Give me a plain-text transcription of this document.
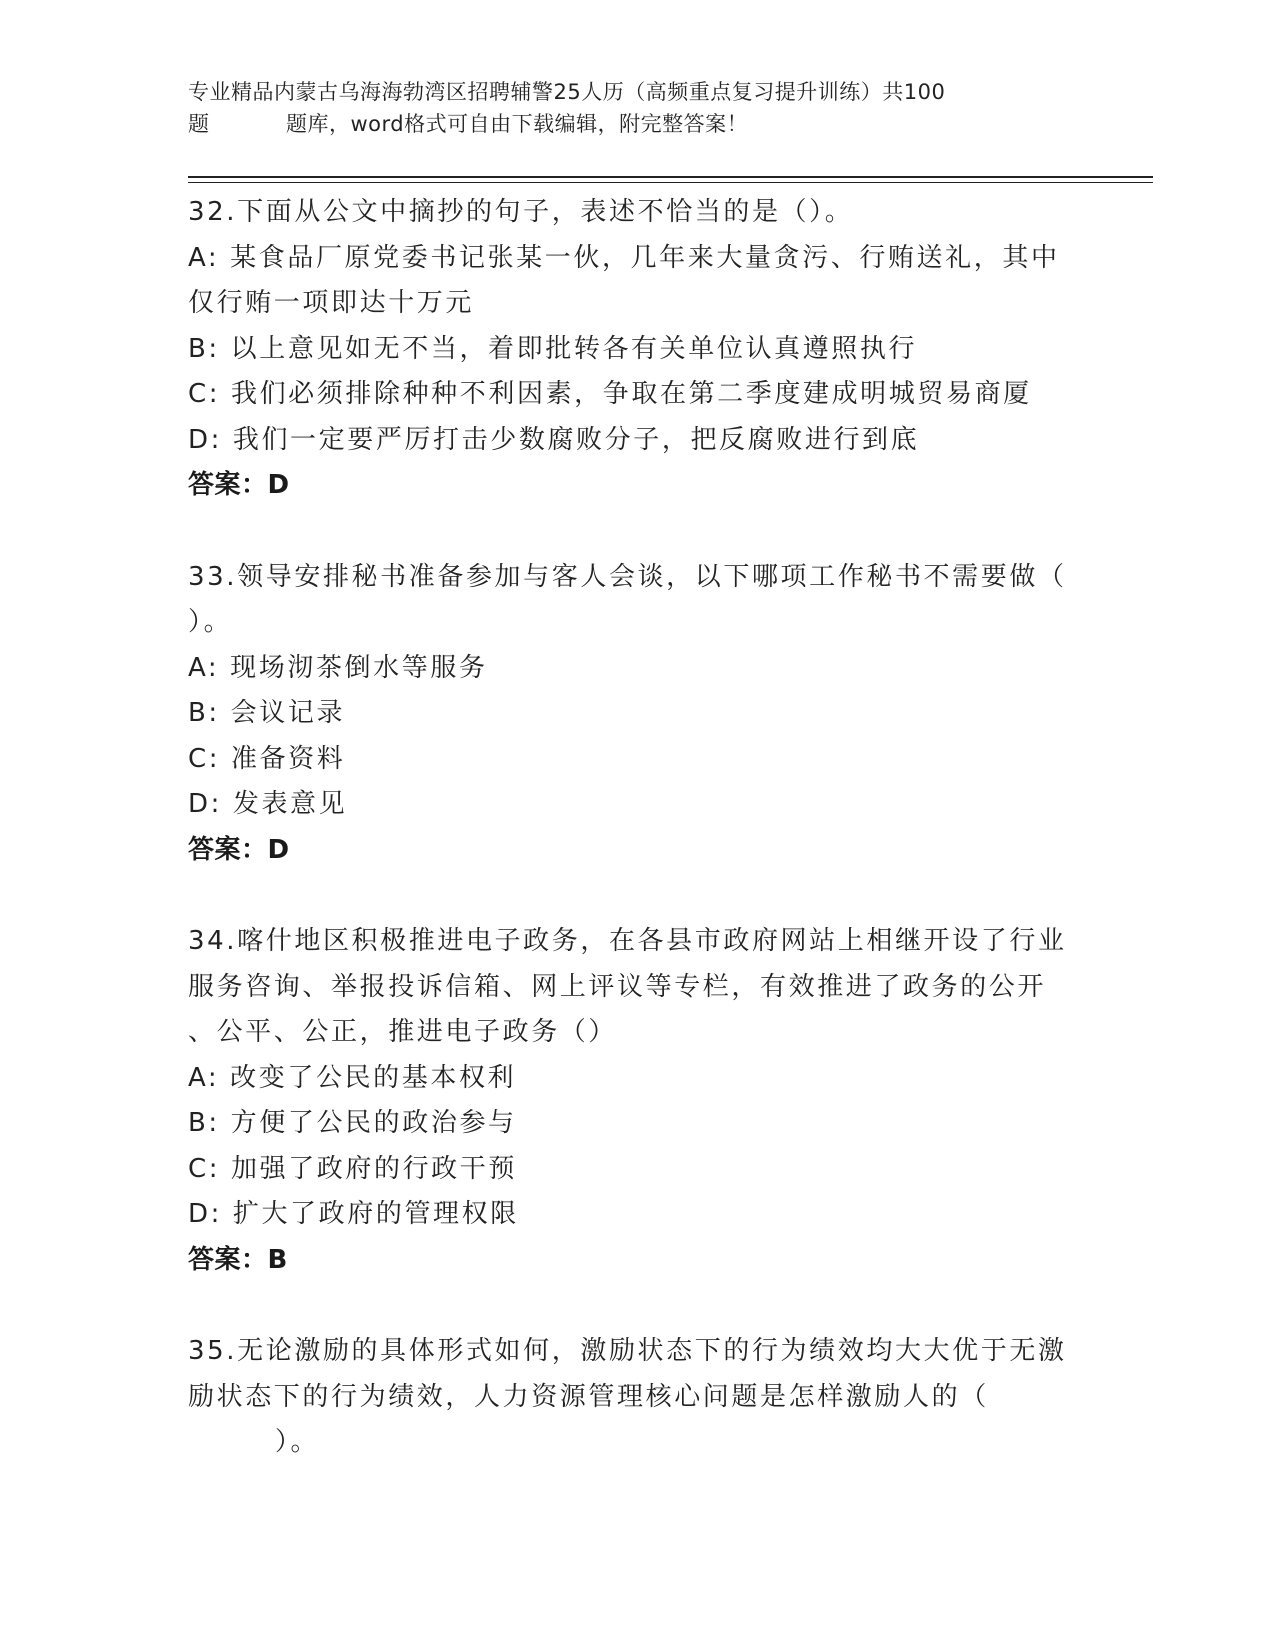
专业精品内蒙古乌海海勃湾区招聘辅警25人历（高频重点复习提升训练）共100
题	题库，word格式可自由下载编辑，附完整答案！
32.下面从公文中摘抄的句子，表述不恰当的是（）。
A: 某食品厂原党委书记张某一伙，几年来大量贪污、行贿送礼，其中
仅行贿一项即达十万元
B: 以上意见如无不当，着即批转各有关单位认真遵照执行
C: 我们必须排除种种不利因素，争取在第二季度建成明城贸易商厦
D: 我们一定要严厉打击少数腐败分子，把反腐败进行到底
答案：D
33.领导安排秘书准备参加与客人会谈，以下哪项工作秘书不需要做（
）。
A: 现场沏茶倒水等服务
B: 会议记录
C: 准备资料
D: 发表意见
答案：D
34.喀什地区积极推进电子政务，在各县市政府网站上相继开设了行业
服务咨询、举报投诉信箱、网上评议等专栏，有效推进了政务的公开
、公平、公正，推进电子政务（）
A: 改变了公民的基本权利
B: 方便了公民的政治参与
C: 加强了政府的行政干预
D: 扩大了政府的管理权限
答案：B
35.无论激励的具体形式如何，激励状态下的行为绩效均大大优于无激
励状态下的行为绩效，人力资源管理核心问题是怎样激励人的（
）。
